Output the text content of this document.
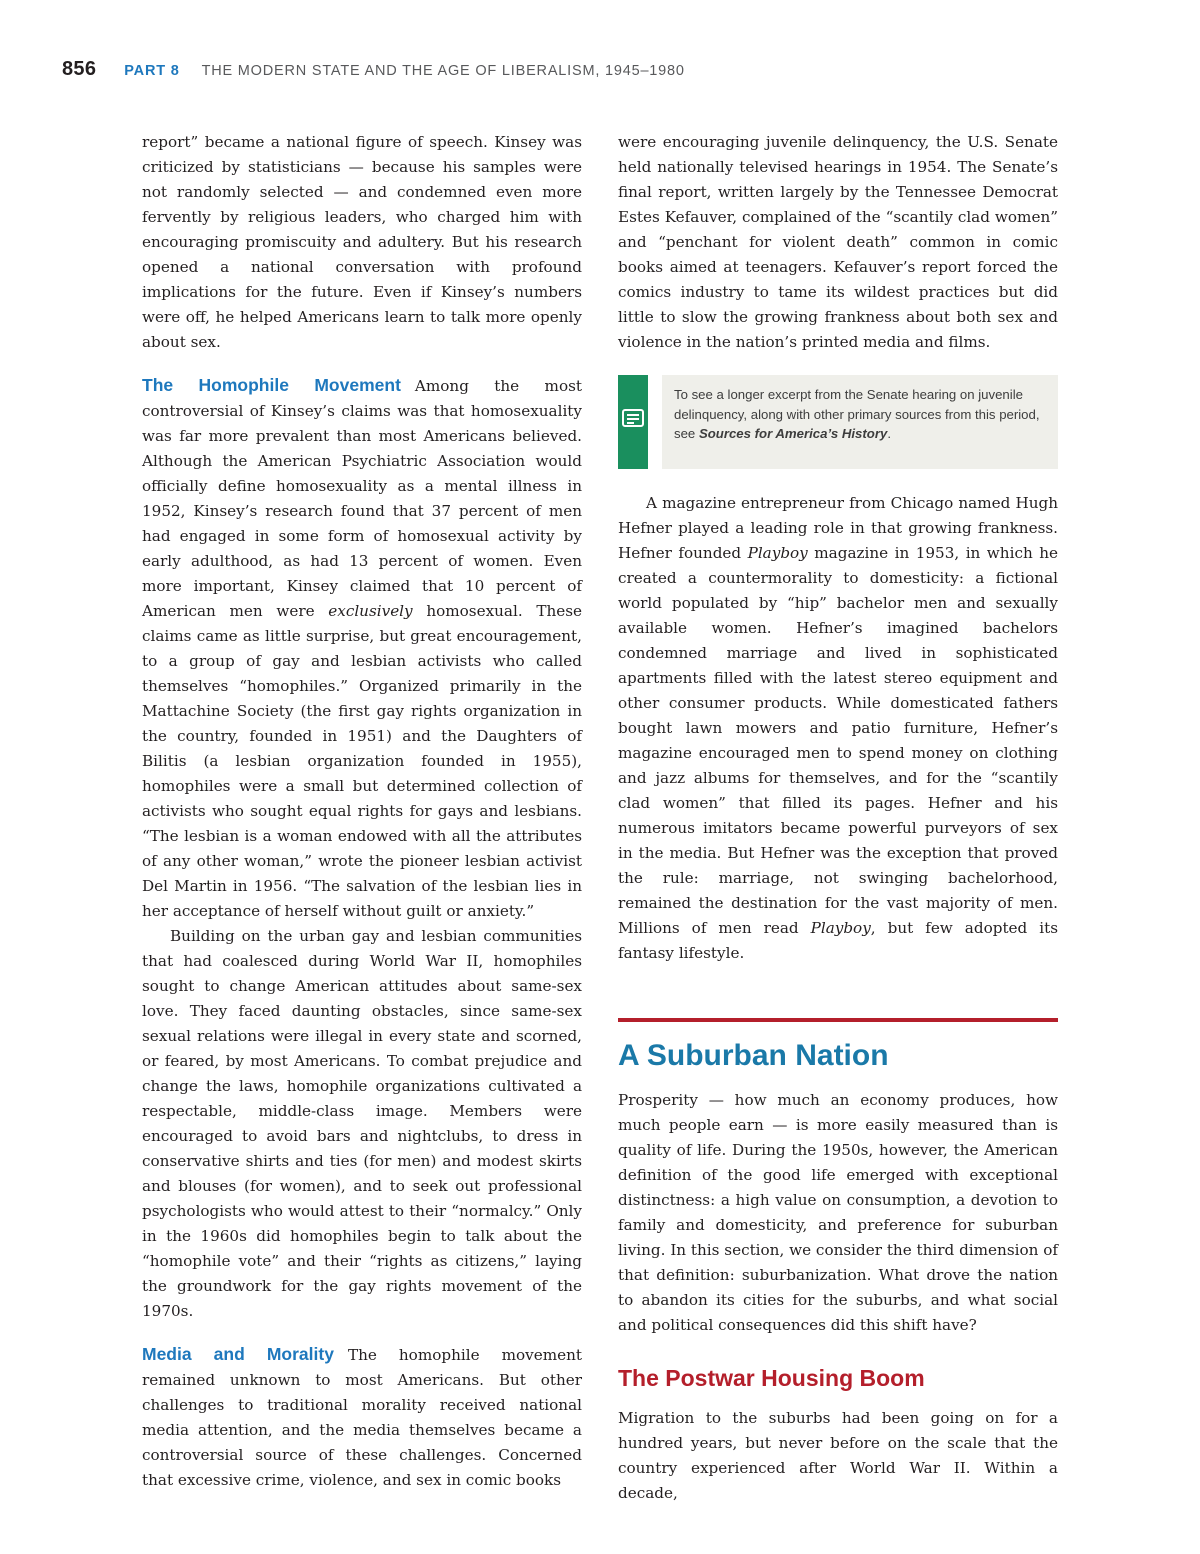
856 PART 8 THE MODERN STATE AND THE AGE OF LIBERALISM, 1945–1980

report” became a national figure of speech. Kinsey was criticized by statisticians — because his samples were not randomly selected — and condemned even more fervently by religious leaders, who charged him with encouraging promiscuity and adultery. But his research opened a national conversation with profound implications for the future. Even if Kinsey’s numbers were off, he helped Americans learn to talk more openly about sex.

The Homophile Movement Among the most controversial of Kinsey’s claims was that homosexuality was far more prevalent than most Americans believed. Although the American Psychiatric Association would officially define homosexuality as a mental illness in 1952, Kinsey’s research found that 37 percent of men had engaged in some form of homosexual activity by early adulthood, as had 13 percent of women. Even more important, Kinsey claimed that 10 percent of American men were exclusively homosexual. These claims came as little surprise, but great encouragement, to a group of gay and lesbian activists who called themselves “homophiles.” Organized primarily in the Mattachine Society (the first gay rights organization in the country, founded in 1951) and the Daughters of Bilitis (a lesbian organization founded in 1955), homophiles were a small but determined collection of activists who sought equal rights for gays and lesbians. “The lesbian is a woman endowed with all the attributes of any other woman,” wrote the pioneer lesbian activist Del Martin in 1956. “The salvation of the lesbian lies in her acceptance of herself without guilt or anxiety.”

Building on the urban gay and lesbian communities that had coalesced during World War II, homophiles sought to change American attitudes about same-sex love. They faced daunting obstacles, since same-sex sexual relations were illegal in every state and scorned, or feared, by most Americans. To combat prejudice and change the laws, homophile organizations cultivated a respectable, middle-class image. Members were encouraged to avoid bars and nightclubs, to dress in conservative shirts and ties (for men) and modest skirts and blouses (for women), and to seek out professional psychologists who would attest to their “normalcy.” Only in the 1960s did homophiles begin to talk about the “homophile vote” and their “rights as citizens,” laying the groundwork for the gay rights movement of the 1970s.

Media and Morality The homophile movement remained unknown to most Americans. But other challenges to traditional morality received national media attention, and the media themselves became a controversial source of these challenges. Concerned that excessive crime, violence, and sex in comic books

were encouraging juvenile delinquency, the U.S. Senate held nationally televised hearings in 1954. The Senate’s final report, written largely by the Tennessee Democrat Estes Kefauver, complained of the “scantily clad women” and “penchant for violent death” common in comic books aimed at teenagers. Kefauver’s report forced the comics industry to tame its wildest practices but did little to slow the growing frankness about both sex and violence in the nation’s printed media and films.

To see a longer excerpt from the Senate hearing on juvenile delinquency, along with other primary sources from this period, see Sources for America’s History.

A magazine entrepreneur from Chicago named Hugh Hefner played a leading role in that growing frankness. Hefner founded Playboy magazine in 1953, in which he created a countermorality to domesticity: a fictional world populated by “hip” bachelor men and sexually available women. Hefner’s imagined bachelors condemned marriage and lived in sophisticated apartments filled with the latest stereo equipment and other consumer products. While domesticated fathers bought lawn mowers and patio furniture, Hefner’s magazine encouraged men to spend money on clothing and jazz albums for themselves, and for the “scantily clad women” that filled its pages. Hefner and his numerous imitators became powerful purveyors of sex in the media. But Hefner was the exception that proved the rule: marriage, not swinging bachelorhood, remained the destination for the vast majority of men. Millions of men read Playboy, but few adopted its fantasy lifestyle.

A Suburban Nation

Prosperity — how much an economy produces, how much people earn — is more easily measured than is quality of life. During the 1950s, however, the American definition of the good life emerged with exceptional distinctness: a high value on consumption, a devotion to family and domesticity, and preference for suburban living. In this section, we consider the third dimension of that definition: suburbanization. What drove the nation to abandon its cities for the suburbs, and what social and political consequences did this shift have?

The Postwar Housing Boom

Migration to the suburbs had been going on for a hundred years, but never before on the scale that the country experienced after World War II. Within a decade,
